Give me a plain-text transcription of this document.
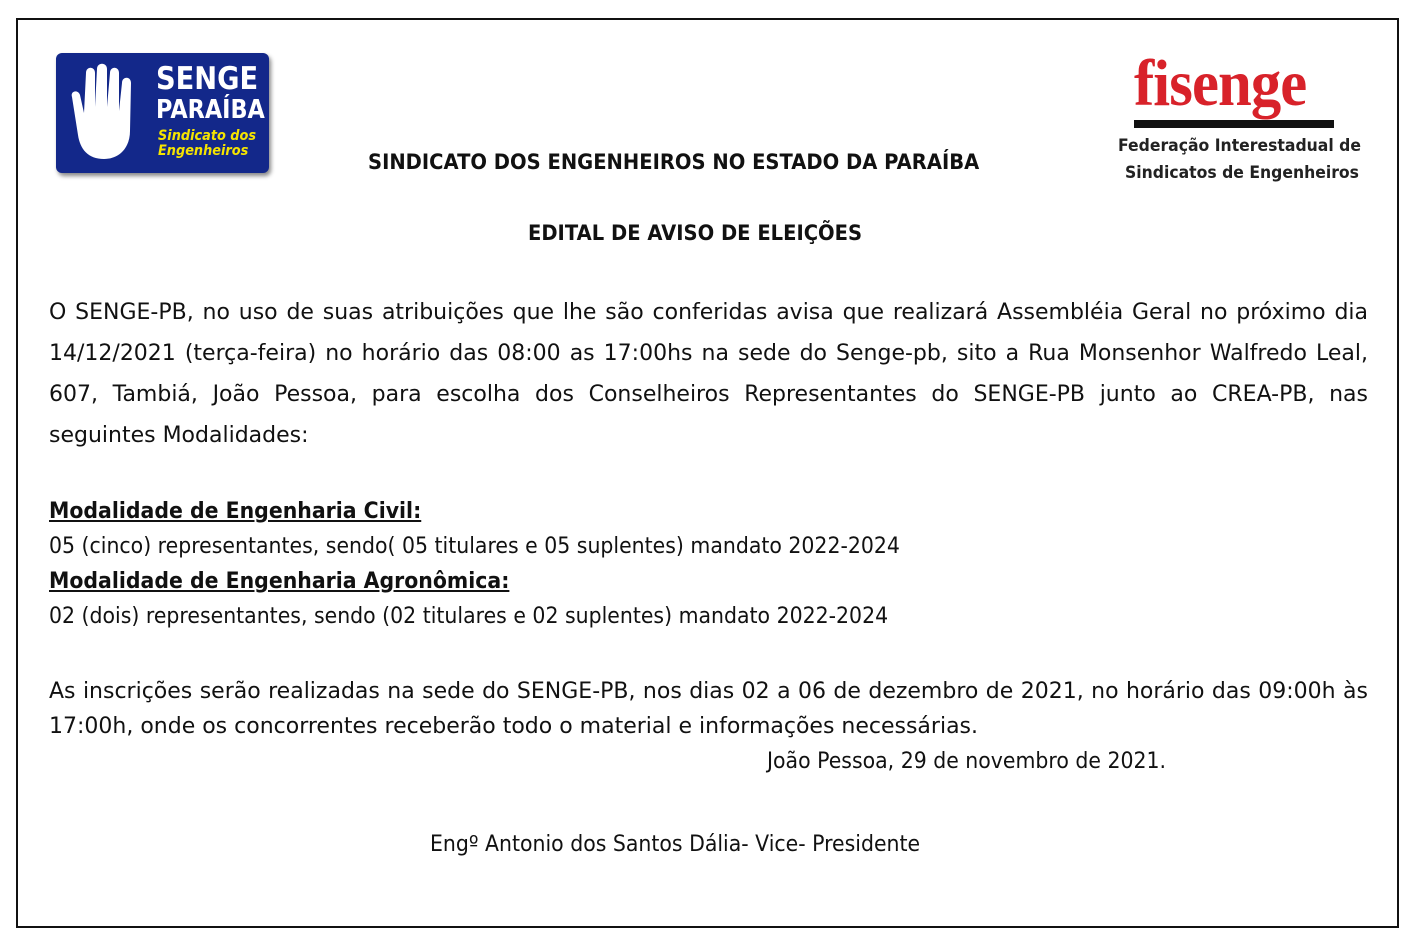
SENGE
PARAÍBA
Sindicato dos
Engenheiros
fisenge
Federação Interestadual de
Sindicatos de Engenheiros
SINDICATO DOS ENGENHEIROS NO ESTADO DA PARAÍBA
EDITAL DE AVISO DE ELEIÇÕES
O SENGE-PB, no uso de suas atribuições que lhe são conferidas avisa que realizará Assembléia Geral no próximo dia 14/12/2021 (terça-feira) no horário das 08:00 as 17:00hs na sede do Senge-pb, sito a Rua Monsenhor Walfredo Leal, 607, Tambiá, João Pessoa, para escolha dos Conselheiros Representantes do SENGE-PB junto ao CREA-PB, nas seguintes Modalidades:
Modalidade de Engenharia Civil:
05 (cinco) representantes, sendo( 05 titulares e 05 suplentes) mandato 2022-2024
Modalidade de Engenharia Agronômica:
02 (dois) representantes, sendo (02 titulares e 02 suplentes) mandato 2022-2024
As inscrições serão realizadas na sede do SENGE-PB, nos dias 02 a 06 de dezembro de 2021, no horário das 09:00h às 17:00h, onde os concorrentes receberão todo o material e informações necessárias.
João Pessoa, 29 de novembro de 2021.
Engº Antonio dos Santos Dália- Vice- Presidente
